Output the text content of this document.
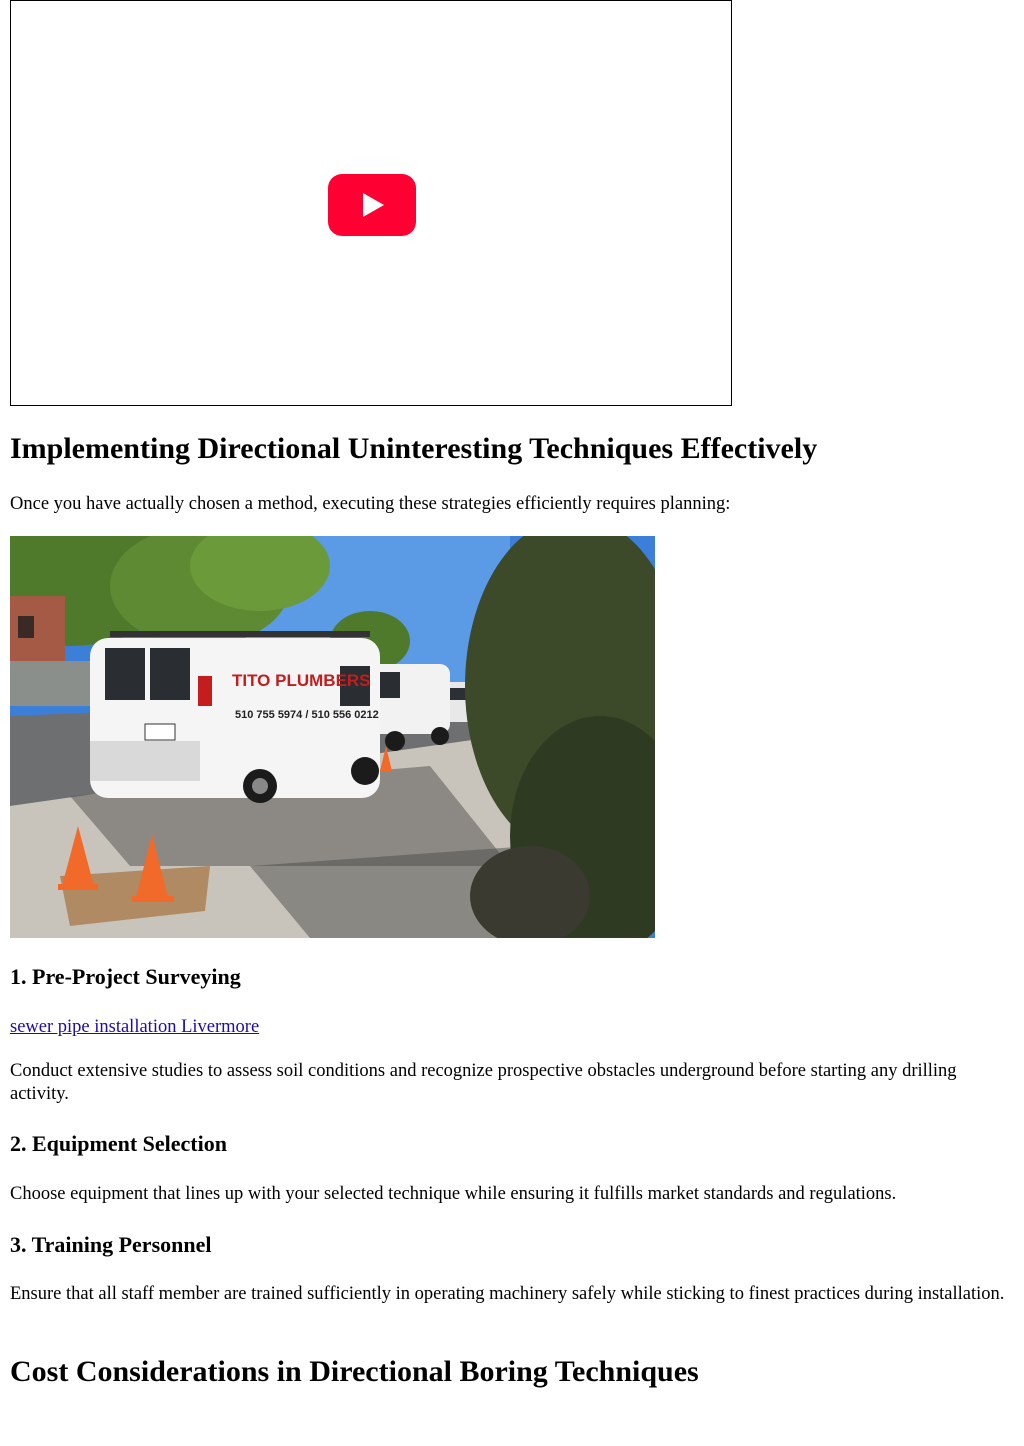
Implementing Directional Uninteresting Techniques Effectively

Once you have actually chosen a method, executing these strategies efficiently requires planning:

TITO PLUMBERS
510 755 5974 / 510 556 0212
1. Pre-Project Surveying
sewer pipe installation Livermore

Conduct extensive studies to assess soil conditions and recognize prospective obstacles underground before starting any drilling activity.

2. Equipment Selection

Choose equipment that lines up with your selected technique while ensuring it fulfills market standards and regulations.

3. Training Personnel

Ensure that all staff member are trained sufficiently in operating machinery safely while sticking to finest practices during installation.

Cost Considerations in Directional Boring Techniques
